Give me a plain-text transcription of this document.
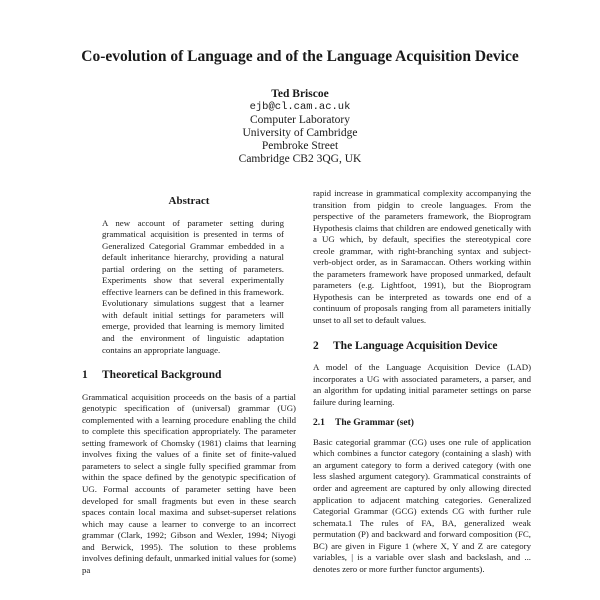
Co-evolution of Language and of the Language Acquisition Device
Ted Briscoe
ejb@cl.cam.ac.uk
Computer Laboratory
University of Cambridge
Pembroke Street
Cambridge CB2 3QG, UK
Abstract

A new account of parameter setting during grammatical acquisition is presented in terms of Generalized Categorial Grammar embedded in a default inheritance hierarchy, providing a natural partial ordering on the setting of parameters. Experiments show that several experimentally effective learners can be defined in this framework. Evolutionary simulations suggest that a learner with default initial settings for parameters will emerge, provided that learning is memory limited and the environment of linguistic adaptation contains an appropriate language.

1 Theoretical Background

Grammatical acquisition proceeds on the basis of a partial genotypic specification of (universal) grammar (UG) complemented with a learning procedure enabling the child to complete this specification appropriately. The parameter setting framework of Chomsky (1981) claims that learning involves fixing the values of a finite set of finite-valued parameters to select a single fully specified grammar from within the space defined by the genotypic specification of UG. Formal accounts of parameter setting have been developed for small fragments but even in these search spaces contain local maxima and subset-superset relations which may cause a learner to converge to an incorrect grammar (Clark, 1992; Gibson and Wexler, 1994; Niyogi and Berwick, 1995). The solution to these problems involves defining default, unmarked initial values for (some) pa

rapid increase in grammatical complexity accompanying the transition from pidgin to creole languages. From the perspective of the parameters framework, the Bioprogram Hypothesis claims that children are endowed genetically with a UG which, by default, specifies the stereotypical core creole grammar, with right-branching syntax and subject-verb-object order, as in Saramaccan. Others working within the parameters framework have proposed unmarked, default parameters (e.g. Lightfoot, 1991), but the Bioprogram Hypothesis can be interpreted as towards one end of a continuum of proposals ranging from all parameters initially unset to all set to default values.

2 The Language Acquisition Device

A model of the Language Acquisition Device (LAD) incorporates a UG with associated parameters, a parser, and an algorithm for updating initial parameter settings on parse failure during learning.

2.1 The Grammar (set)

Basic categorial grammar (CG) uses one rule of application which combines a functor category (containing a slash) with an argument category to form a derived category (with one less slashed argument category). Grammatical constraints of order and agreement are captured by only allowing directed application to adjacent matching categories. Generalized Categorial Grammar (GCG) extends CG with further rule schemata.1 The rules of FA, BA, generalized weak permutation (P) and backward and forward composition (FC, BC) are given in Figure 1 (where X, Y and Z are category variables, | is a variable over slash and backslash, and ... denotes zero or more further functor arguments).
